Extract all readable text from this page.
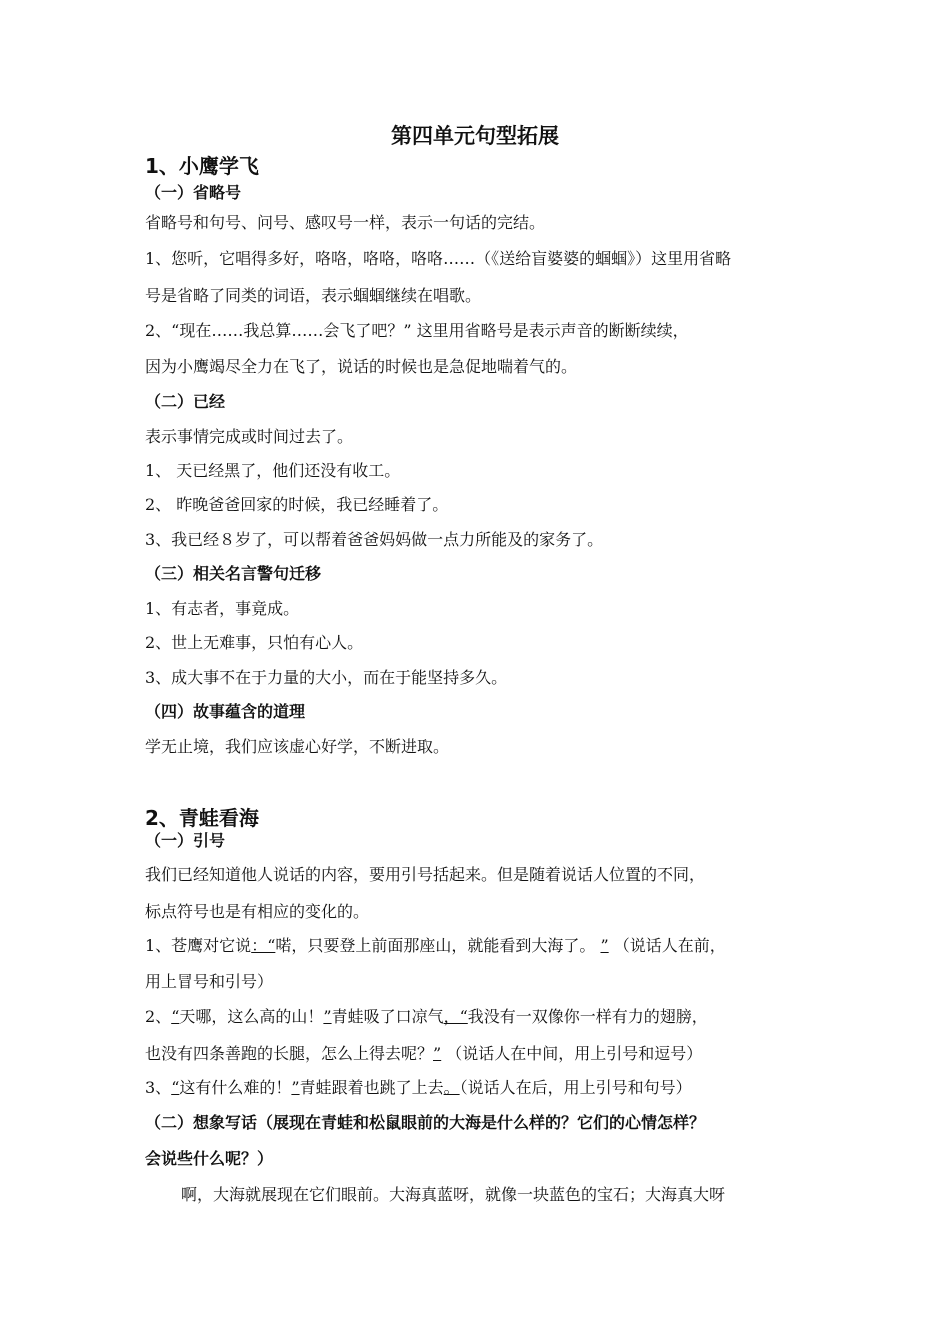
第四单元句型拓展
1、小鹰学飞
（一）省略号
省略号和句号、问号、感叹号一样，表示一句话的完结。
1、您听，它唱得多好，咯咯，咯咯，咯咯……（《送给盲婆婆的蝈蝈》）这里用省略
号是省略了同类的词语，表示蝈蝈继续在唱歌。
2、“现在……我总算……会飞了吧？” 这里用省略号是表示声音的断断续续，
因为小鹰竭尽全力在飞了，说话的时候也是急促地喘着气的。
（二）已经
表示事情完成或时间过去了。
1、 天已经黑了，他们还没有收工。
2、 昨晚爸爸回家的时候，我已经睡着了。
3、我已经８岁了，可以帮着爸爸妈妈做一点力所能及的家务了。
（三）相关名言警句迁移
1、有志者，事竟成。
2、世上无难事，只怕有心人。
3、成大事不在于力量的大小，而在于能坚持多久。
（四）故事蕴含的道理
学无止境，我们应该虚心好学，不断进取。
2、青蛙看海
（一）引号
我们已经知道他人说话的内容，要用引号括起来。但是随着说话人位置的不同，
标点符号也是有相应的变化的。
1、苍鹰对它说：“喏，只要登上前面那座山，就能看到大海了。 ” （说话人在前，
用上冒号和引号）
2、“天哪，这么高的山！”青蛙吸了口凉气，“我没有一双像你一样有力的翅膀，
也没有四条善跑的长腿，怎么上得去呢？” （说话人在中间，用上引号和逗号）
3、“这有什么难的！”青蛙跟着也跳了上去。（说话人在后，用上引号和句号）
（二）想象写话（展现在青蛙和松鼠眼前的大海是什么样的？它们的心情怎样？
会说些什么呢？）
啊，大海就展现在它们眼前。大海真蓝呀，就像一块蓝色的宝石；大海真大呀
